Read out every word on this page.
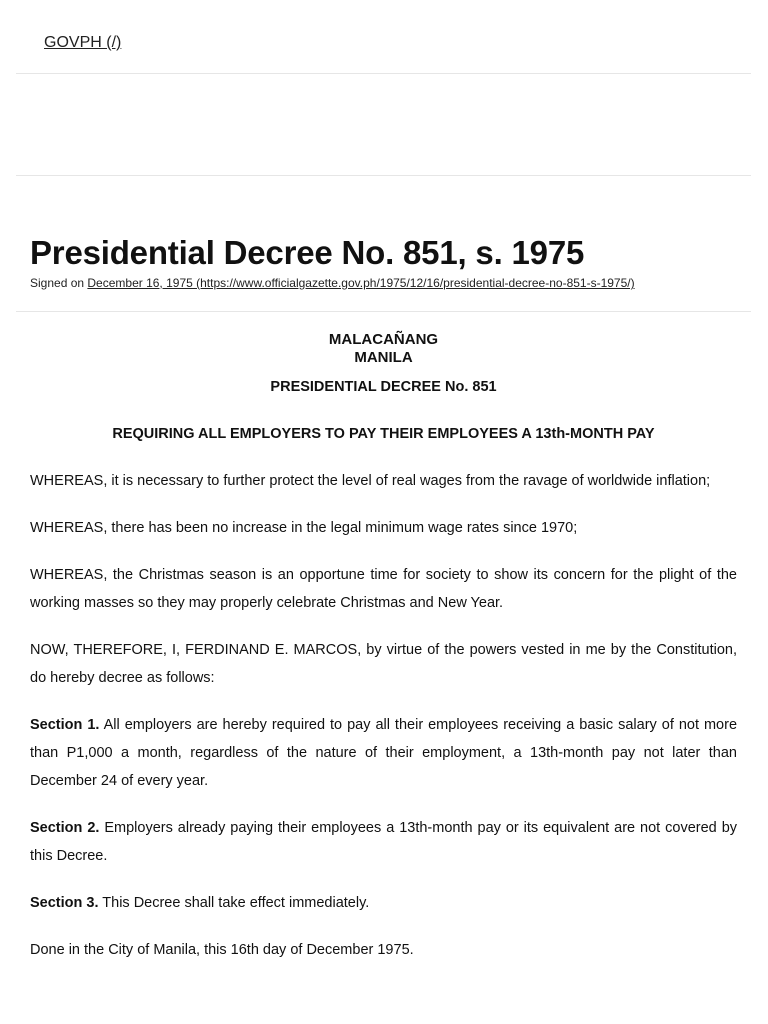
GOVPH (/)
Presidential Decree No. 851, s. 1975
Signed on December 16, 1975 (https://www.officialgazette.gov.ph/1975/12/16/presidential-decree-no-851-s-1975/)
MALACAÑANG
MANILA
PRESIDENTIAL DECREE No. 851
REQUIRING ALL EMPLOYERS TO PAY THEIR EMPLOYEES A 13th-MONTH PAY

WHEREAS, it is necessary to further protect the level of real wages from the ravage of worldwide inflation;

WHEREAS, there has been no increase in the legal minimum wage rates since 1970;

WHEREAS, the Christmas season is an opportune time for society to show its concern for the plight of the working masses so they may properly celebrate Christmas and New Year.

NOW, THEREFORE, I, FERDINAND E. MARCOS, by virtue of the powers vested in me by the Constitution, do hereby decree as follows:

Section 1. All employers are hereby required to pay all their employees receiving a basic salary of not more than P1,000 a month, regardless of the nature of their employment, a 13th-month pay not later than December 24 of every year.

Section 2. Employers already paying their employees a 13th-month pay or its equivalent are not covered by this Decree.

Section 3. This Decree shall take effect immediately.

Done in the City of Manila, this 16th day of December 1975.
